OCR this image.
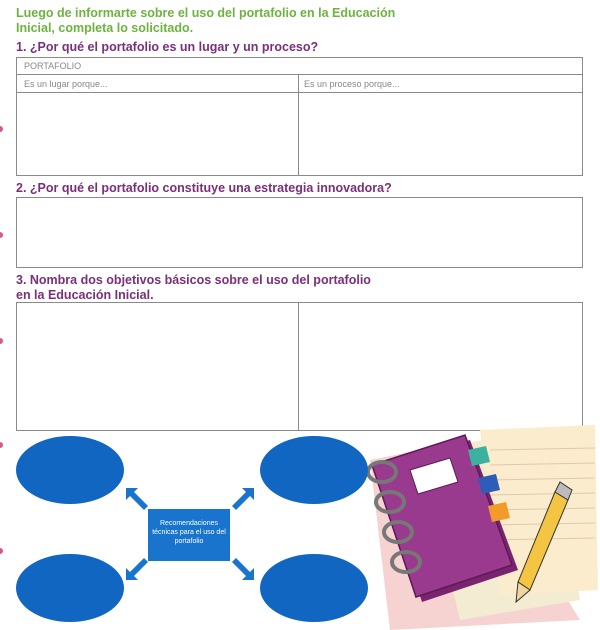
Luego de informarte sobre el uso del portafolio en la Educación
Inicial, completa lo solicitado.
1. ¿Por qué el portafolio es un lugar y un proceso?
PORTAFOLIO
Es un lugar porque...	Es un proceso porque...
2. ¿Por qué el portafolio constituye una estrategia innovadora?
3. Nombra dos objetivos básicos sobre el uso del portafolio
en la Educación Inicial.
Recomendaciones técnicas para el uso del portafolio
